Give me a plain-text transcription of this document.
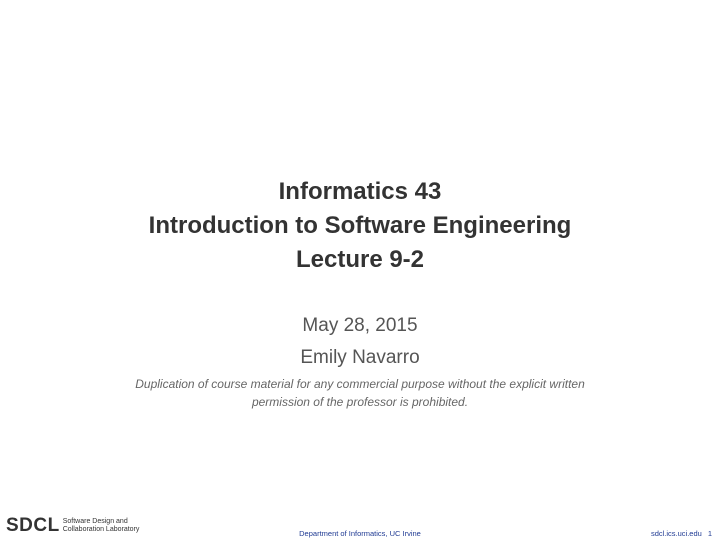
Informatics 43
Introduction to Software Engineering
Lecture 9-2
May 28, 2015
Emily Navarro
Duplication of course material for any commercial purpose without the explicit written
permission of the professor is prohibited.
SDCL Software Design and
Collaboration Laboratory	Department of Informatics, UC Irvine	sdcl.ics.uci.edu 1
